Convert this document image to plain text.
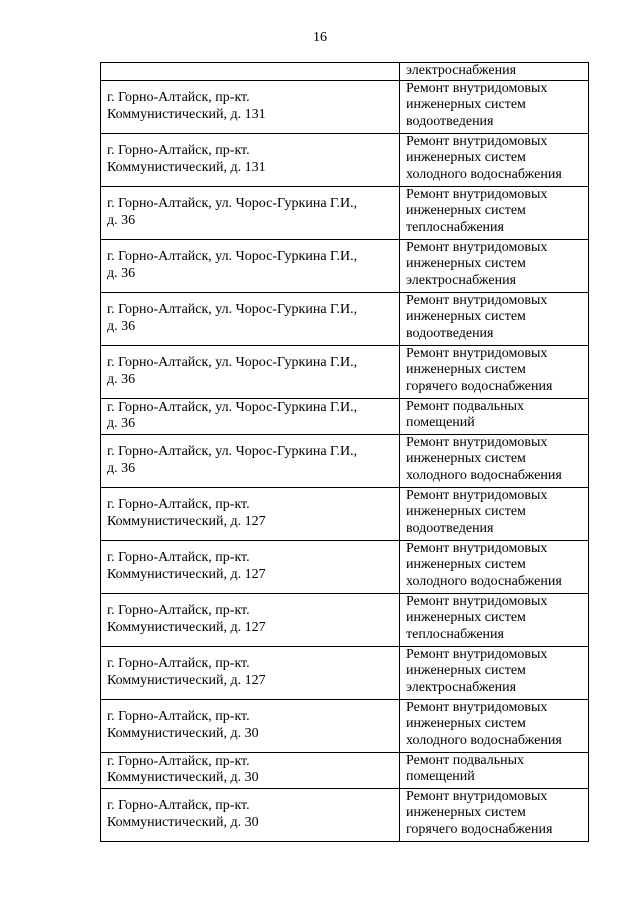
16

	электроснабжения

г. Горно-Алтайск, пр-кт.
Коммунистический, д. 131	Ремонт внутридомовых
инженерных систем
водоотведения

г. Горно-Алтайск, пр-кт.
Коммунистический, д. 131	Ремонт внутридомовых
инженерных систем
холодного водоснабжения

г. Горно-Алтайск, ул. Чорос-Гуркина Г.И.,
д. 36	Ремонт внутридомовых
инженерных систем
теплоснабжения

г. Горно-Алтайск, ул. Чорос-Гуркина Г.И.,
д. 36	Ремонт внутридомовых
инженерных систем
электроснабжения

г. Горно-Алтайск, ул. Чорос-Гуркина Г.И.,
д. 36	Ремонт внутридомовых
инженерных систем
водоотведения

г. Горно-Алтайск, ул. Чорос-Гуркина Г.И.,
д. 36	Ремонт внутридомовых
инженерных систем
горячего водоснабжения

г. Горно-Алтайск, ул. Чорос-Гуркина Г.И.,
д. 36	Ремонт подвальных
помещений

г. Горно-Алтайск, ул. Чорос-Гуркина Г.И.,
д. 36	Ремонт внутридомовых
инженерных систем
холодного водоснабжения

г. Горно-Алтайск, пр-кт.
Коммунистический, д. 127	Ремонт внутридомовых
инженерных систем
водоотведения

г. Горно-Алтайск, пр-кт.
Коммунистический, д. 127	Ремонт внутридомовых
инженерных систем
холодного водоснабжения

г. Горно-Алтайск, пр-кт.
Коммунистический, д. 127	Ремонт внутридомовых
инженерных систем
теплоснабжения

г. Горно-Алтайск, пр-кт.
Коммунистический, д. 127	Ремонт внутридомовых
инженерных систем
электроснабжения

г. Горно-Алтайск, пр-кт.
Коммунистический, д. 30	Ремонт внутридомовых
инженерных систем
холодного водоснабжения

г. Горно-Алтайск, пр-кт.
Коммунистический, д. 30	Ремонт подвальных
помещений

г. Горно-Алтайск, пр-кт.
Коммунистический, д. 30	Ремонт внутридомовых
инженерных систем
горячего водоснабжения
